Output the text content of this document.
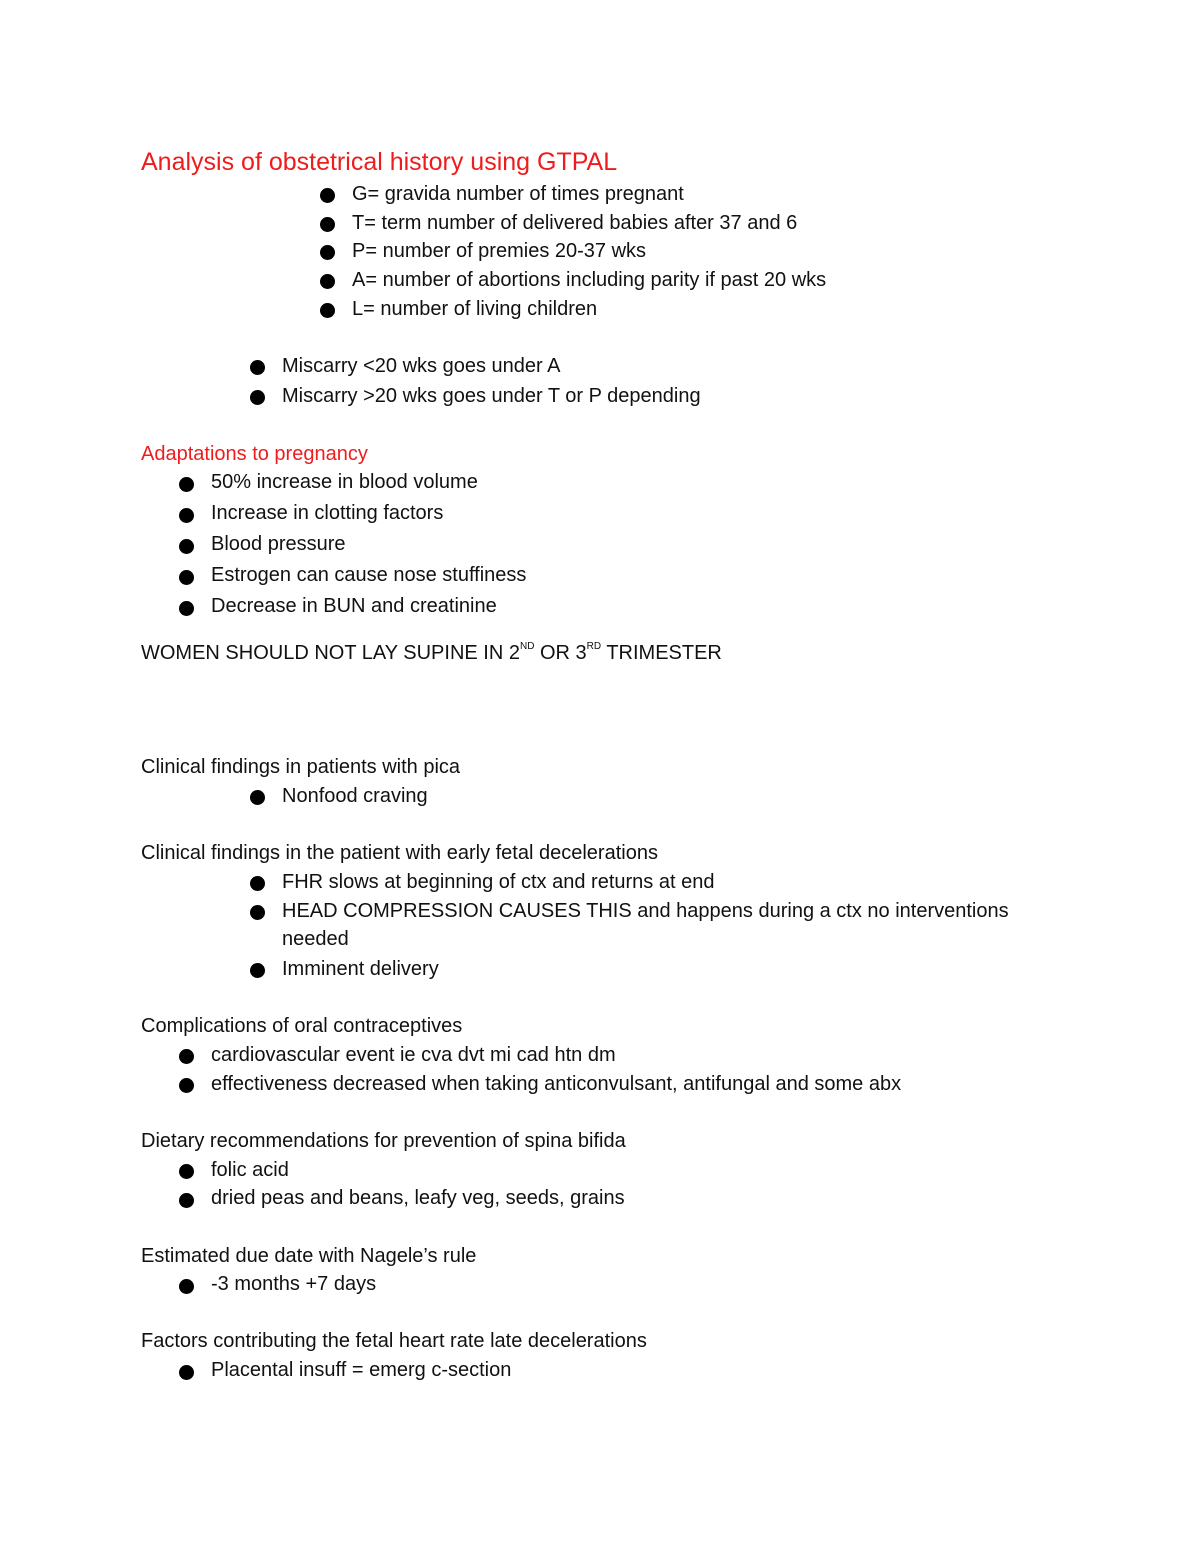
Analysis of obstetrical history using GTPAL
G= gravida number of times pregnant
T= term number of delivered babies after 37 and 6
P= number of premies 20-37 wks
A= number of abortions including parity if past 20 wks
L= number of living children
Miscarry <20 wks goes under A
Miscarry >20 wks goes under T or P depending
Adaptations to pregnancy
50% increase in blood volume
Increase in clotting factors
Blood pressure
Estrogen can cause nose stuffiness
Decrease in BUN and creatinine
WOMEN SHOULD NOT LAY SUPINE IN 2ND OR 3RD TRIMESTER
Clinical findings in patients with pica
Nonfood craving
Clinical findings in the patient with early fetal decelerations
FHR slows at beginning of ctx and returns at end
HEAD COMPRESSION CAUSES THIS and happens during a ctx no interventions
needed
Imminent delivery
Complications of oral contraceptives
cardiovascular event ie cva dvt mi cad htn dm
effectiveness decreased when taking anticonvulsant, antifungal and some abx
Dietary recommendations for prevention of spina bifida
folic acid
dried peas and beans, leafy veg, seeds, grains
Estimated due date with Nagele’s rule
-3 months +7 days
Factors contributing the fetal heart rate late decelerations
Placental insuff = emerg c-section
